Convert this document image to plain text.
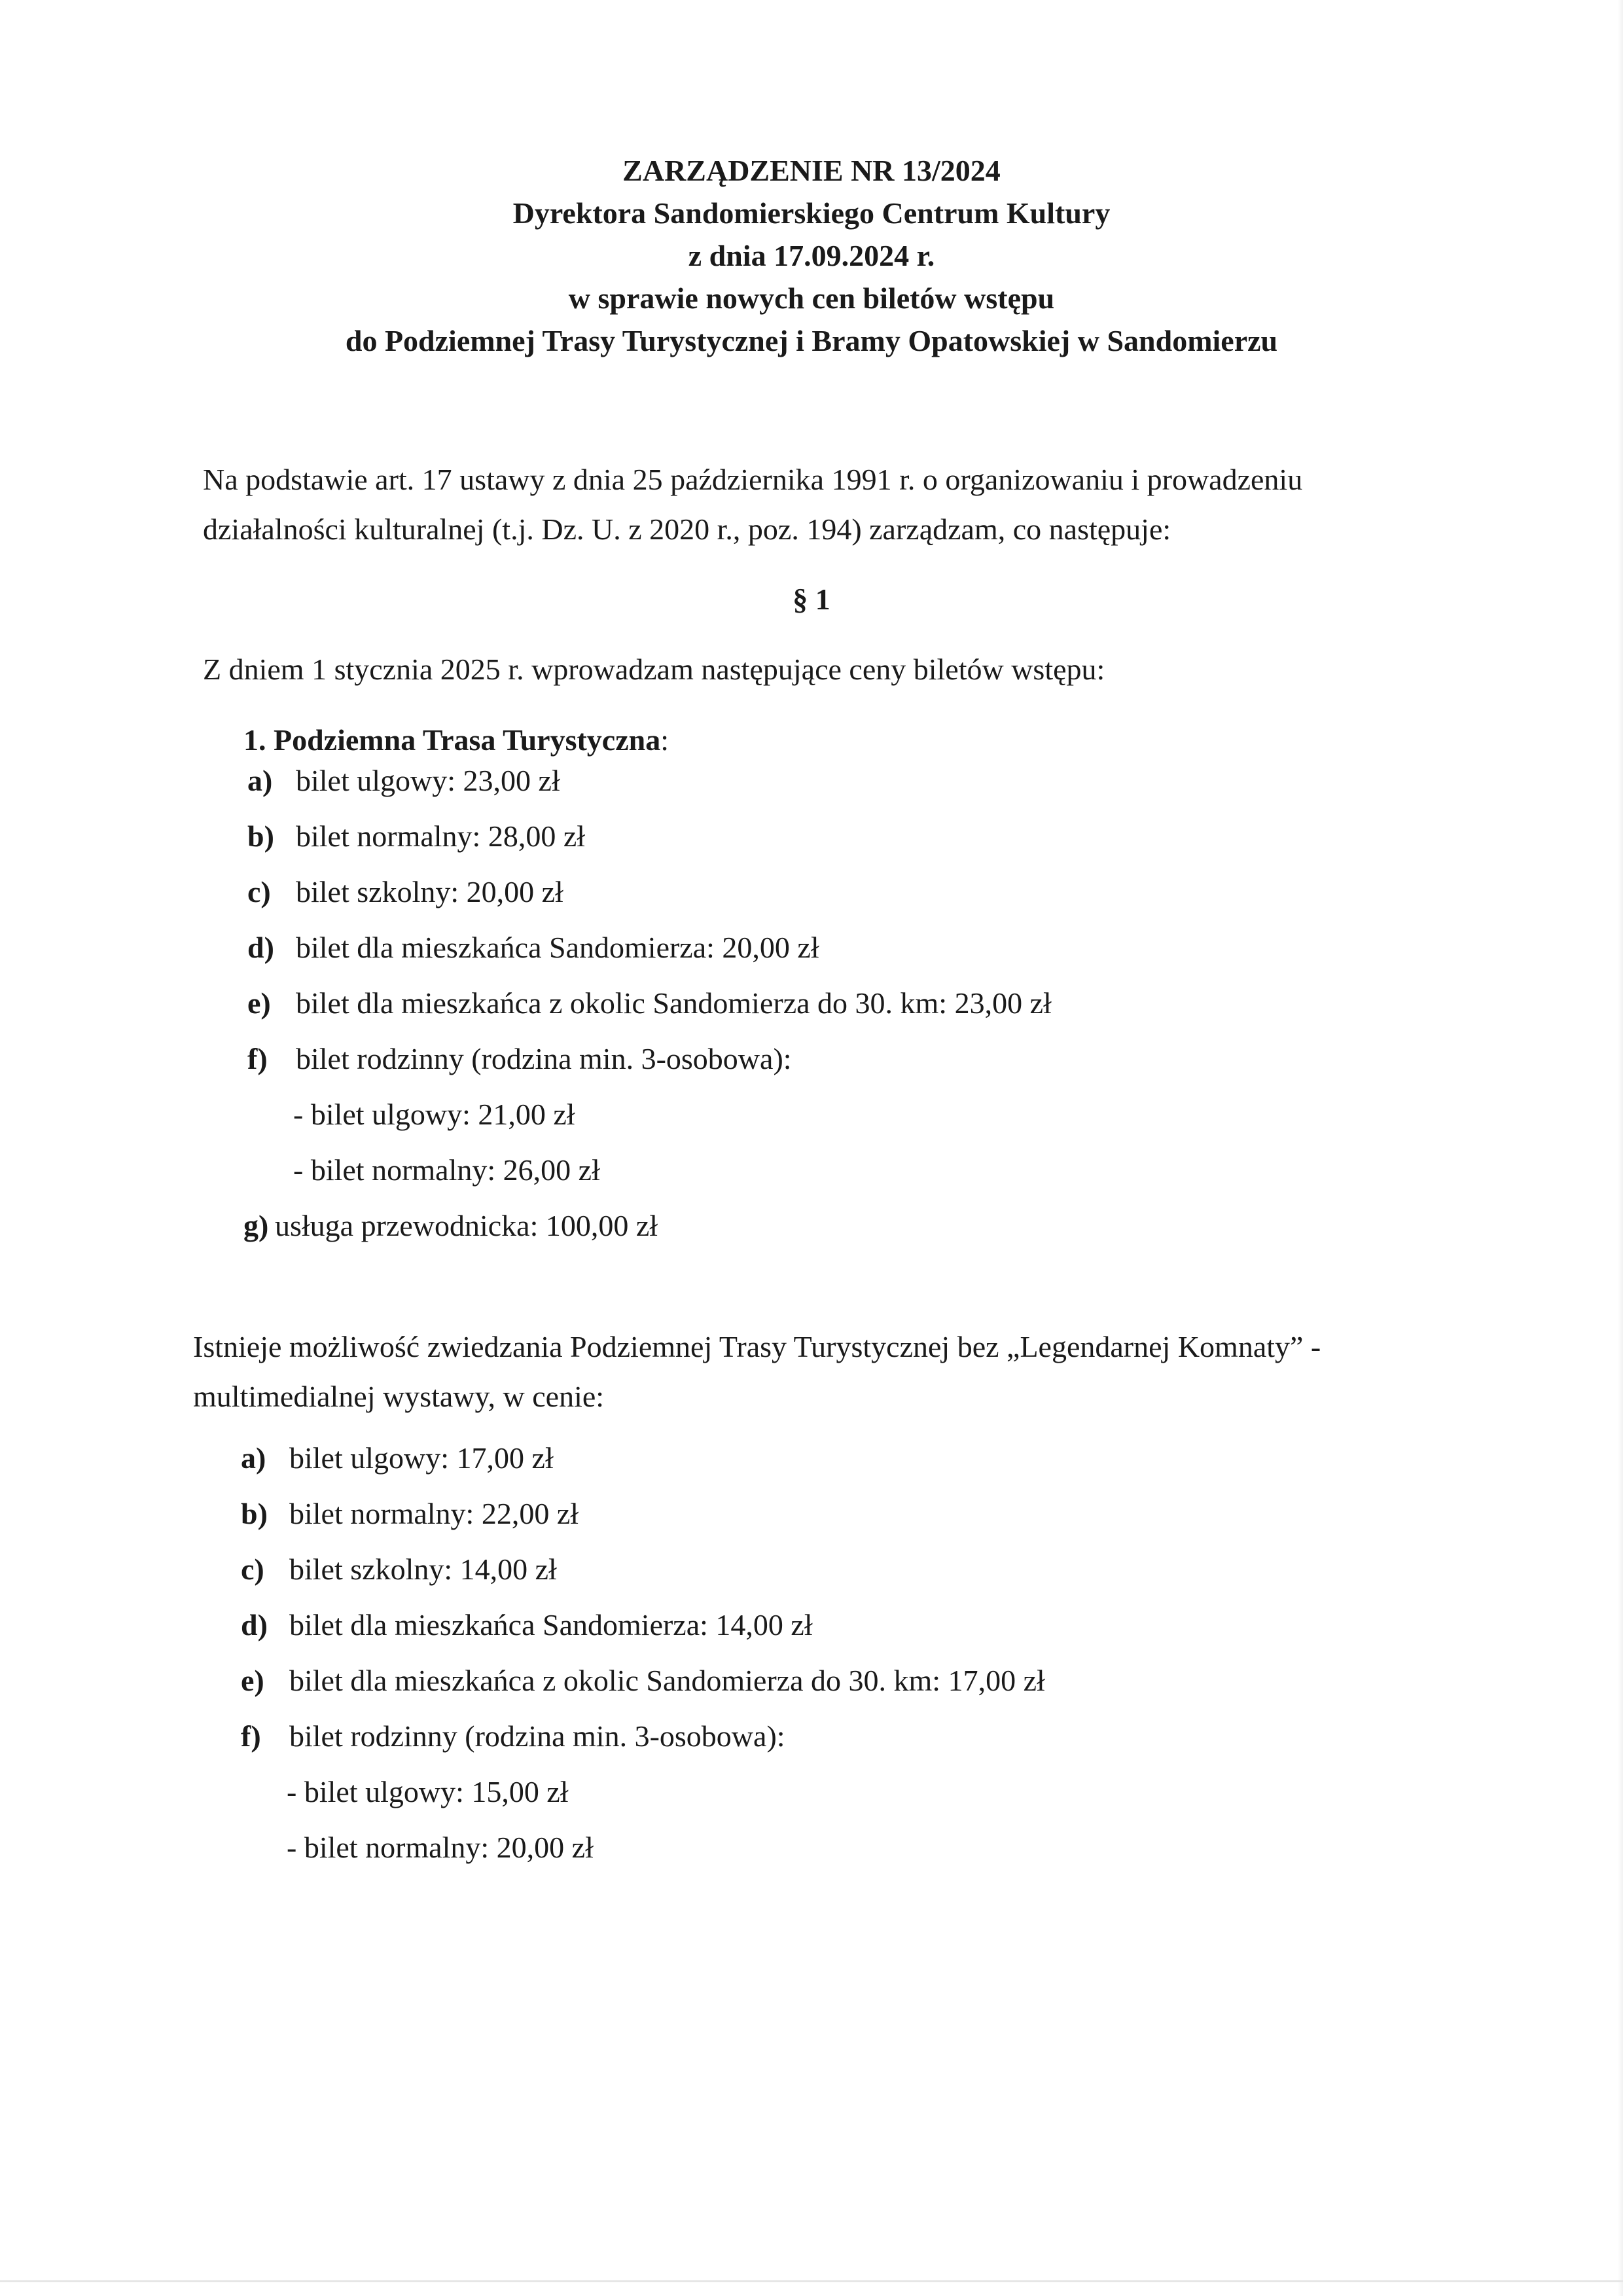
ZARZĄDZENIE NR 13/2024
Dyrektora Sandomierskiego Centrum Kultury
z dnia 17.09.2024 r.
w sprawie nowych cen biletów wstępu
do Podziemnej Trasy Turystycznej i Bramy Opatowskiej w Sandomierzu
Na podstawie art. 17 ustawy z dnia 25 października 1991 r. o organizowaniu i prowadzeniu działalności kulturalnej (t.j. Dz. U. z 2020 r., poz. 194) zarządzam, co następuje:
§ 1
Z dniem 1 stycznia 2025 r. wprowadzam następujące ceny biletów wstępu:
1. Podziemna Trasa Turystyczna:
a) bilet ulgowy: 23,00 zł
b) bilet normalny: 28,00 zł
c) bilet szkolny: 20,00 zł
d) bilet dla mieszkańca Sandomierza: 20,00 zł
e) bilet dla mieszkańca z okolic Sandomierza do 30. km: 23,00 zł
f) bilet rodzinny (rodzina min. 3-osobowa):
- bilet ulgowy: 21,00 zł
- bilet normalny: 26,00 zł
g) usługa przewodnicka: 100,00 zł
Istnieje możliwość zwiedzania Podziemnej Trasy Turystycznej bez „Legendarnej Komnaty” - multimedialnej wystawy, w cenie:
a) bilet ulgowy: 17,00 zł
b) bilet normalny: 22,00 zł
c) bilet szkolny: 14,00 zł
d) bilet dla mieszkańca Sandomierza: 14,00 zł
e) bilet dla mieszkańca z okolic Sandomierza do 30. km: 17,00 zł
f) bilet rodzinny (rodzina min. 3-osobowa):
- bilet ulgowy: 15,00 zł
- bilet normalny: 20,00 zł
